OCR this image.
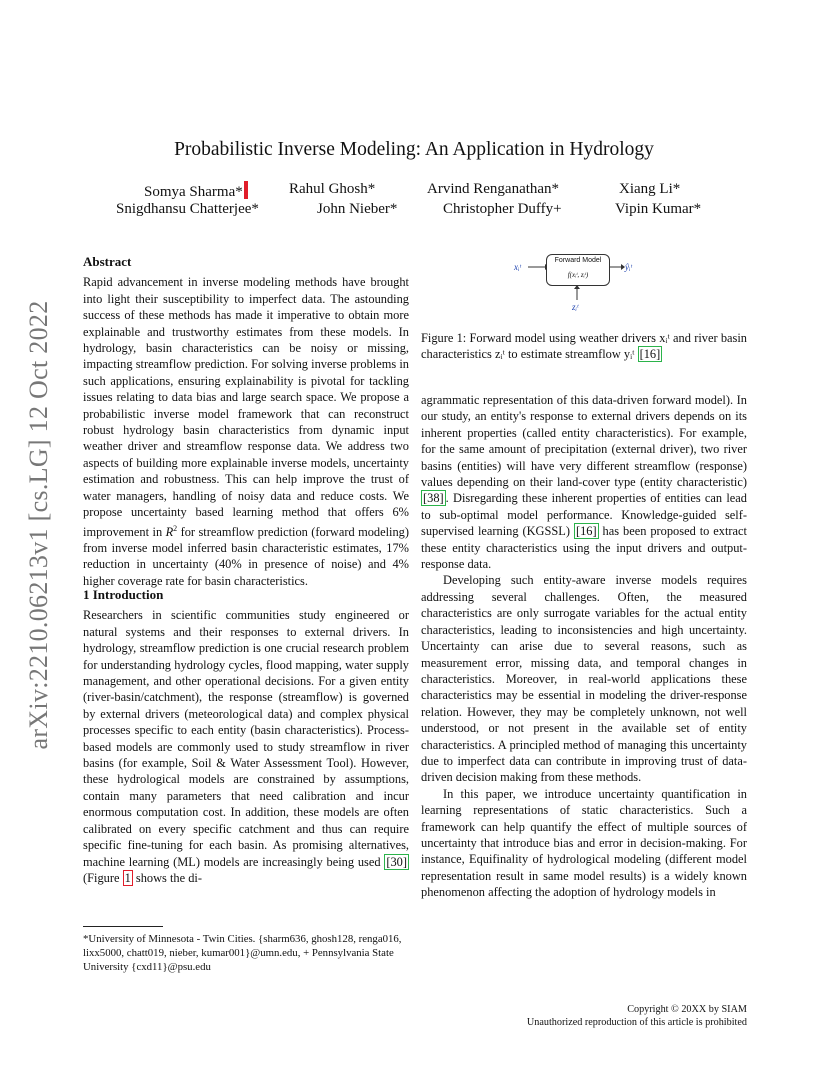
arXiv:2210.06213v1 [cs.LG] 12 Oct 2022
Probabilistic Inverse Modeling: An Application in Hydrology
Somya Sharma*	Rahul Ghosh*	Arvind Renganathan*	Xiang Li*
Snigdhansu Chatterjee*	John Nieber*	Christopher Duffy+	Vipin Kumar*
Abstract

Rapid advancement in inverse modeling methods have brought into light their susceptibility to imperfect data. The astounding success of these methods has made it imperative to obtain more explainable and trustworthy estimates from these models. In hydrology, basin characteristics can be noisy or missing, impacting streamflow prediction. For solving inverse problems in such applications, ensuring explainability is pivotal for tackling issues relating to data bias and large search space. We propose a probabilistic inverse model framework that can reconstruct robust hydrology basin characteristics from dynamic input weather driver and streamflow response data. We address two aspects of building more explainable inverse models, uncertainty estimation and robustness. This can help improve the trust of water managers, handling of noisy data and reduce costs. We propose uncertainty based learning method that offers 6% improvement in $R^2$ for streamflow prediction (forward modeling) from inverse model inferred basin characteristic estimates, 17% reduction in uncertainty (40% in presence of noise) and 4% higher coverage rate for basin characteristics.

1 Introduction

Researchers in scientific communities study engineered or natural systems and their responses to external drivers. In hydrology, streamflow prediction is one crucial research problem for understanding hydrology cycles, flood mapping, water supply management, and other operational decisions. For a given entity (river-basin/catchment), the response (streamflow) is governed by external drivers (meteorological data) and complex physical processes specific to each entity (basin characteristics). Process-based models are commonly used to study streamflow in river basins (for example, Soil & Water Assessment Tool). However, these hydrological models are constrained by assumptions, contain many parameters that need calibration and incur enormous computation cost. In addition, these models are often calibrated on every specific catchment and thus can require specific fine-tuning for each basin. As promising alternatives, machine learning (ML) models are increasingly being used [30] (Figure 1 shows the di-

*University of Minnesota - Twin Cities. {sharm636, ghosh128, renga016, lixx5000, chatt019, nieber, kumar001}@umn.edu, + Pennsylvania State University {cxd11}@psu.edu
xᵢᵗ
Forward Model
f(xᵢᵗ, zᵢᵗ)
ŷᵢᵗ
zᵢᵗ
Figure 1: Forward model using weather drivers xᵢᵗ and river basin characteristics zᵢᵗ to estimate streamflow yᵢᵗ [16]

agrammatic representation of this data-driven forward model). In our study, an entity's response to external drivers depends on its inherent properties (called entity characteristics). For example, for the same amount of precipitation (external driver), two river basins (entities) will have very different streamflow (response) values depending on their land-cover type (entity characteristic) [38] . Disregarding these inherent properties of entities can lead to sub-optimal model performance. Knowledge-guided self-supervised learning (KGSSL) [16] has been proposed to extract these entity characteristics using the input drivers and output-response data.

Developing such entity-aware inverse models requires addressing several challenges. Often, the measured characteristics are only surrogate variables for the actual entity characteristics, leading to inconsistencies and high uncertainty. Uncertainty can arise due to several reasons, such as measurement error, missing data, and temporal changes in characteristics. Moreover, in real-world applications these characteristics may be essential in modeling the driver-response relation. However, they may be completely unknown, not well understood, or not present in the available set of entity characteristics. A principled method of managing this uncertainty due to imperfect data can contribute in improving trust of data-driven decision making from these methods.

In this paper, we introduce uncertainty quantification in learning representations of static characteristics. Such a framework can help quantify the effect of multiple sources of uncertainty that introduce bias and error in decision-making. For instance, Equifinality of hydrological modeling (different model representation result in same model results) is a widely known phenomenon affecting the adoption of hydrology models in

Copyright © 20XX by SIAM
Unauthorized reproduction of this article is prohibited
